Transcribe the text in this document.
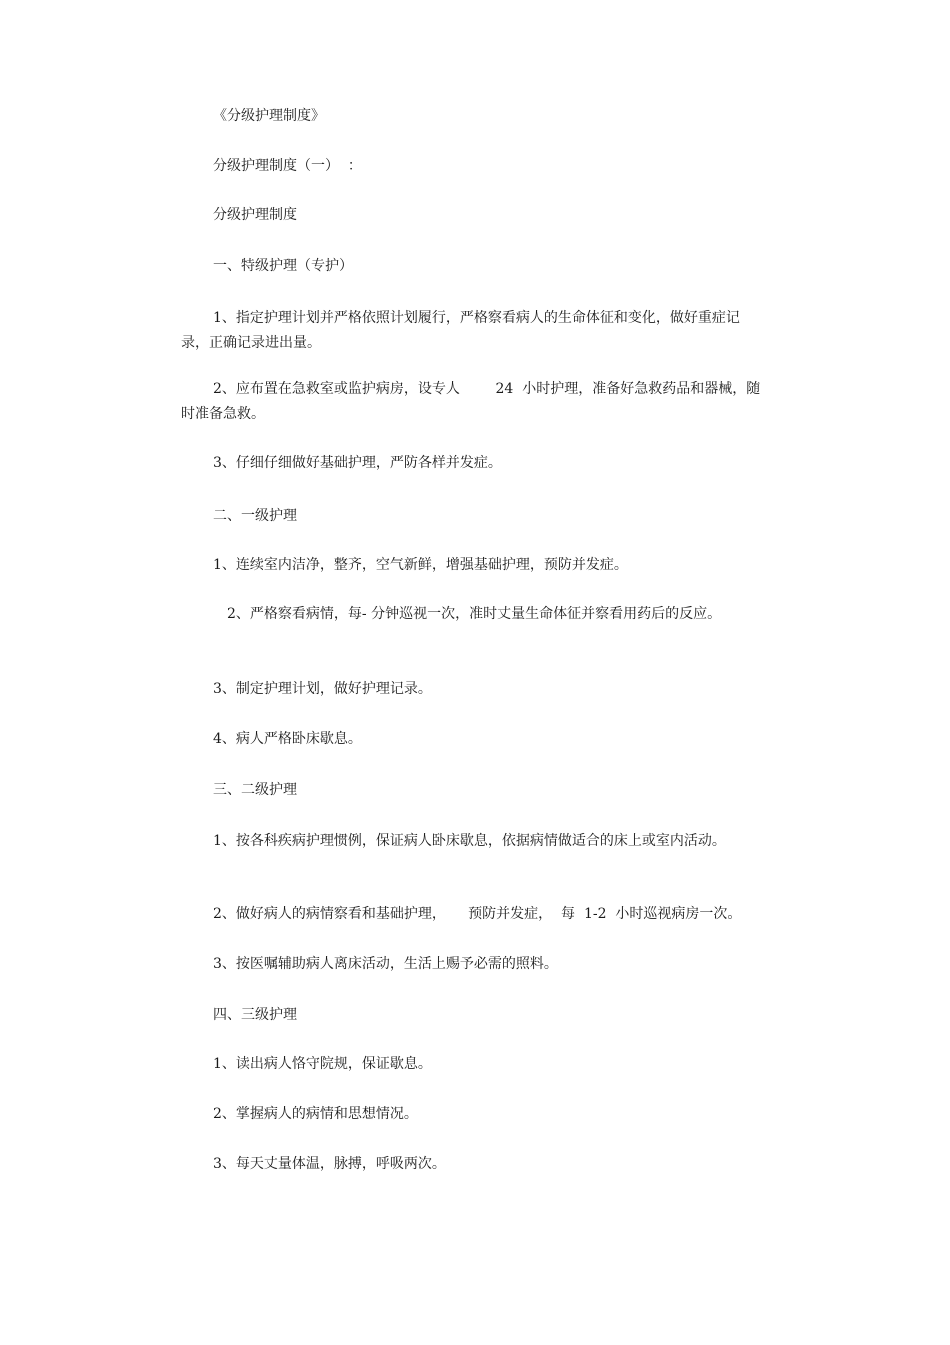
《分级护理制度》
分级护理制度（一）  ：
分级护理制度
一、特级护理（专护）
1、指定护理计划并严格依照计划履行，严格察看病人的生命体征和变化，做好重症记录，正确记录进出量。
2、应布置在急救室或监护病房，设专人        24  小时护理，准备好急救药品和器械，随时准备急救。
3、仔细仔细做好基础护理，严防各样并发症。
二、一级护理
1、连续室内洁净，整齐，空气新鲜，增强基础护理，预防并发症。
2、严格察看病情，每- 分钟巡视一次，准时丈量生命体征并察看用药后的反应。
3、制定护理计划，做好护理记录。
4、病人严格卧床歇息。
三、二级护理
1、按各科疾病护理惯例，保证病人卧床歇息，依据病情做适合的床上或室内活动。
2、做好病人的病情察看和基础护理，     预防并发症，  每  1-2  小时巡视病房一次。
3、按医嘱辅助病人离床活动，生活上赐予必需的照料。
四、三级护理
1、读出病人恪守院规，保证歇息。
2、掌握病人的病情和思想情况。
3、每天丈量体温，脉搏，呼吸两次。
